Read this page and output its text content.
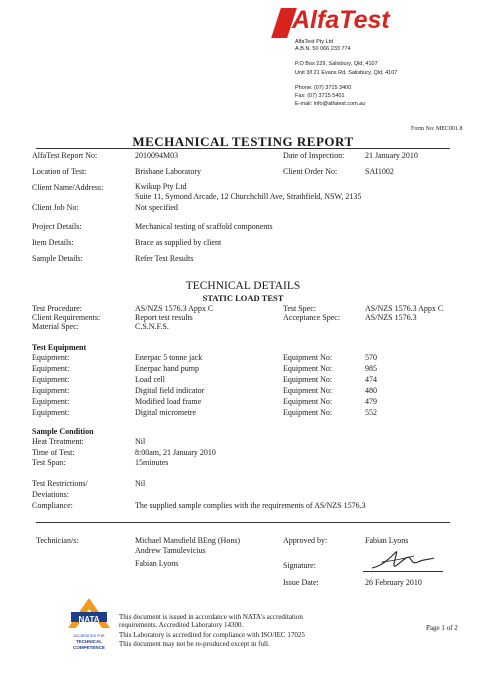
AlfaTest
AlfaTest Pty Ltd
A.B.N. 50 066 233 774
P.O Box 229, Salisbury, Qld, 4107
Unit 3/l 21 Evans Rd, Salisbury, Qld, 4107
Phone: (07) 3715 3400
Fax: (07) 3715 5401
E-mail: info@alfatest.com.au
Form No: MEC001.8
MECHANICAL TESTING REPORT
AlfaTest Report No:	2010094M03	Date of Inspection:	21 January 2010
Location of Test:	Brisbane Laboratory	Client Order No:	SAI1002
Client Name/Address:	Kwikup Pty Ltd
Suite 11, Symond Arcade, 12 Churchchill Ave, Strathfield, NSW, 2135
Client Job No:	Not specified
Project Details:	Mechanical testing of scaffold components
Item Details:	Brace as supplied by client
Sample Details:	Refer Test Results
TECHNICAL DETAILS
STATIC LOAD TEST
Test Procedure:	AS/NZS 1576.3 Appx C	Test Spec:	AS/NZS 1576.3 Appx C
Client Requirements:	Report test results	Acceptance Spec:	AS/NZS 1576.3
Material Spec:	C.S.N.F.S.
Test Equipment
Equipment:	Enerpac 5 tonne jack	Equipment No:	570
Equipment:	Enerpac hand pump	Equipment No:	985
Equipment:	Load cell	Equipment No:	474
Equipment:	Digital field indicator	Equipment No:	480
Equipment:	Modified load frame	Equipment No:	479
Equipment:	Digital micrometre	Equipment No:	552
Sample Condition
Heat Treatment:	Nil
Time of Test:	8:00am, 21 January 2010
Test Span:	15minutes
Test Restrictions/	Nil
Deviations:
Compliance:	The supplied sample complies with the requirements of AS/NZS 1576.3
Technician/s:	Michael Mansfield BEng (Hons)
Andrew Tamulevicius
Fabian Lyons
Approved by:	Fabian Lyons
Signature:
Issue Date:	26 February 2010
NATA
ACCREDITED FOR
TECHNICAL
COMPETENCE
This document is issued in accordance with NATA's accreditation
requirements. Accredited Laboratory 14300.
This Laboratory is accredited for compliance with ISO/IEC 17025
This document may not be re-produced except in full.
Page 1 of 2
